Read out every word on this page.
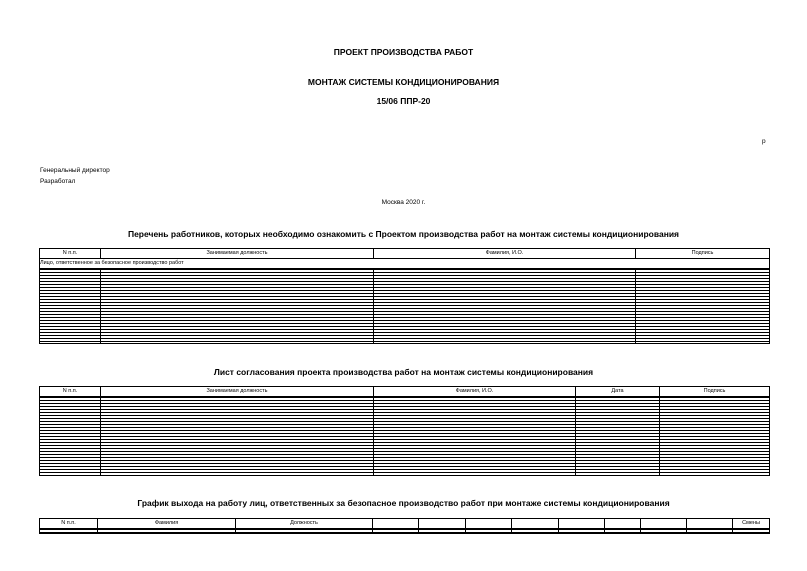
ПРОЕКТ ПРОИЗВОДСТВА РАБОТ
МОНТАЖ СИСТЕМЫ КОНДИЦИОНИРОВАНИЯ
15/06 ППР-20
р
Генеральный директор
Разработал
Москва 2020 г.
Перечень работников, которых необходимо ознакомить с Проектом производства работ на монтаж системы кондиционирования
N п.п.	Занимаемая должность	Фамилия, И.О.	Подпись
Лицо, ответственное за безопасное производство работ			

Лист согласования проекта производства работ на монтаж системы кондиционирования
N п.п.	Занимаемая должность	Фамилия, И.О.	Дата	Подпись

График выхода на работу лиц, ответственных за безопасное производство работ при монтаже системы кондиционирования
N п.п.	Фамилия	Должность									Смены
